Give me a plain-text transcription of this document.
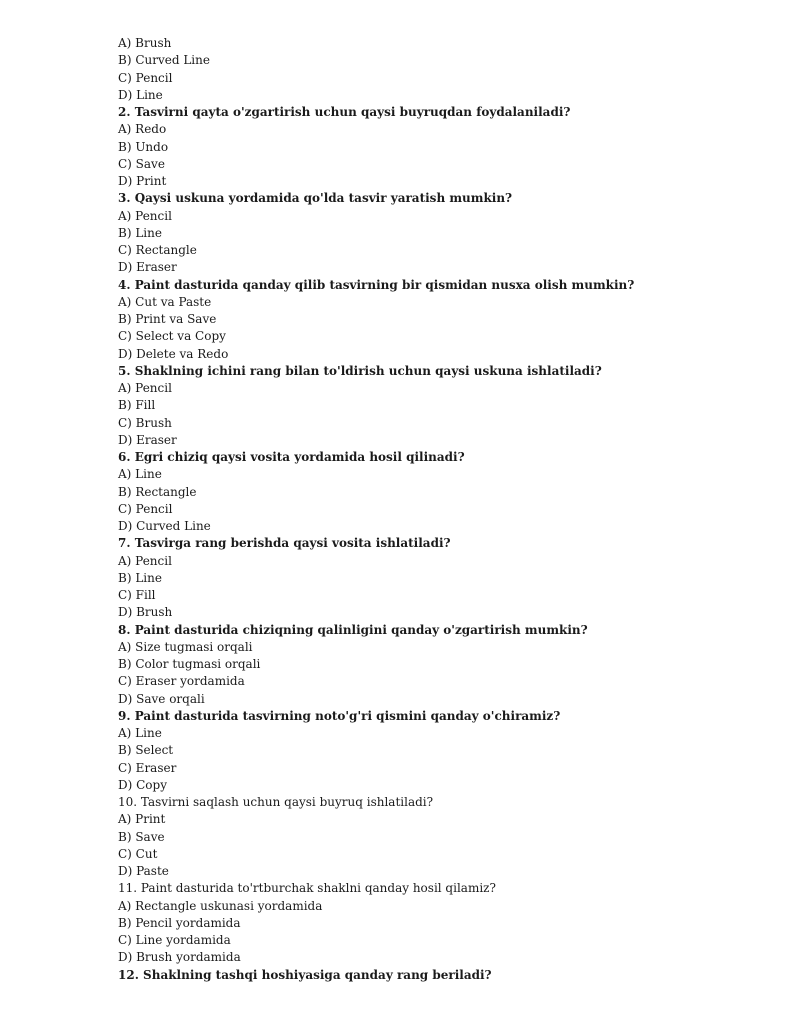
A) Brush
B) Curved Line
C) Pencil
D) Line
2. Tasvirni qayta o'zgartirish uchun qaysi buyruqdan foydalaniladi?
A) Redo
B) Undo
C) Save
D) Print
3. Qaysi uskuna yordamida qo'lda tasvir yaratish mumkin?
A) Pencil
B) Line
C) Rectangle
D) Eraser
4. Paint dasturida qanday qilib tasvirning bir qismidan nusxa olish mumkin?
A) Cut va Paste
B) Print va Save
C) Select va Copy
D) Delete va Redo
5. Shaklning ichini rang bilan to'ldirish uchun qaysi uskuna ishlatiladi?
A) Pencil
B) Fill
C) Brush
D) Eraser
6. Egri chiziq qaysi vosita yordamida hosil qilinadi?
A) Line
B) Rectangle
C) Pencil
D) Curved Line
7. Tasvirga rang berishda qaysi vosita ishlatiladi?
A) Pencil
B) Line
C) Fill
D) Brush
8. Paint dasturida chiziqning qalinligini qanday o'zgartirish mumkin?
A) Size tugmasi orqali
B) Color tugmasi orqali
C) Eraser yordamida
D) Save orqali
9. Paint dasturida tasvirning noto'g'ri qismini qanday o'chiramiz?
A) Line
B) Select
C) Eraser
D) Copy
10. Tasvirni saqlash uchun qaysi buyruq ishlatiladi?
A) Print
B) Save
C) Cut
D) Paste
11. Paint dasturida to'rtburchak shaklni qanday hosil qilamiz?
A) Rectangle uskunasi yordamida
B) Pencil yordamida
C) Line yordamida
D) Brush yordamida
12. Shaklning tashqi hoshiyasiga qanday rang beriladi?
